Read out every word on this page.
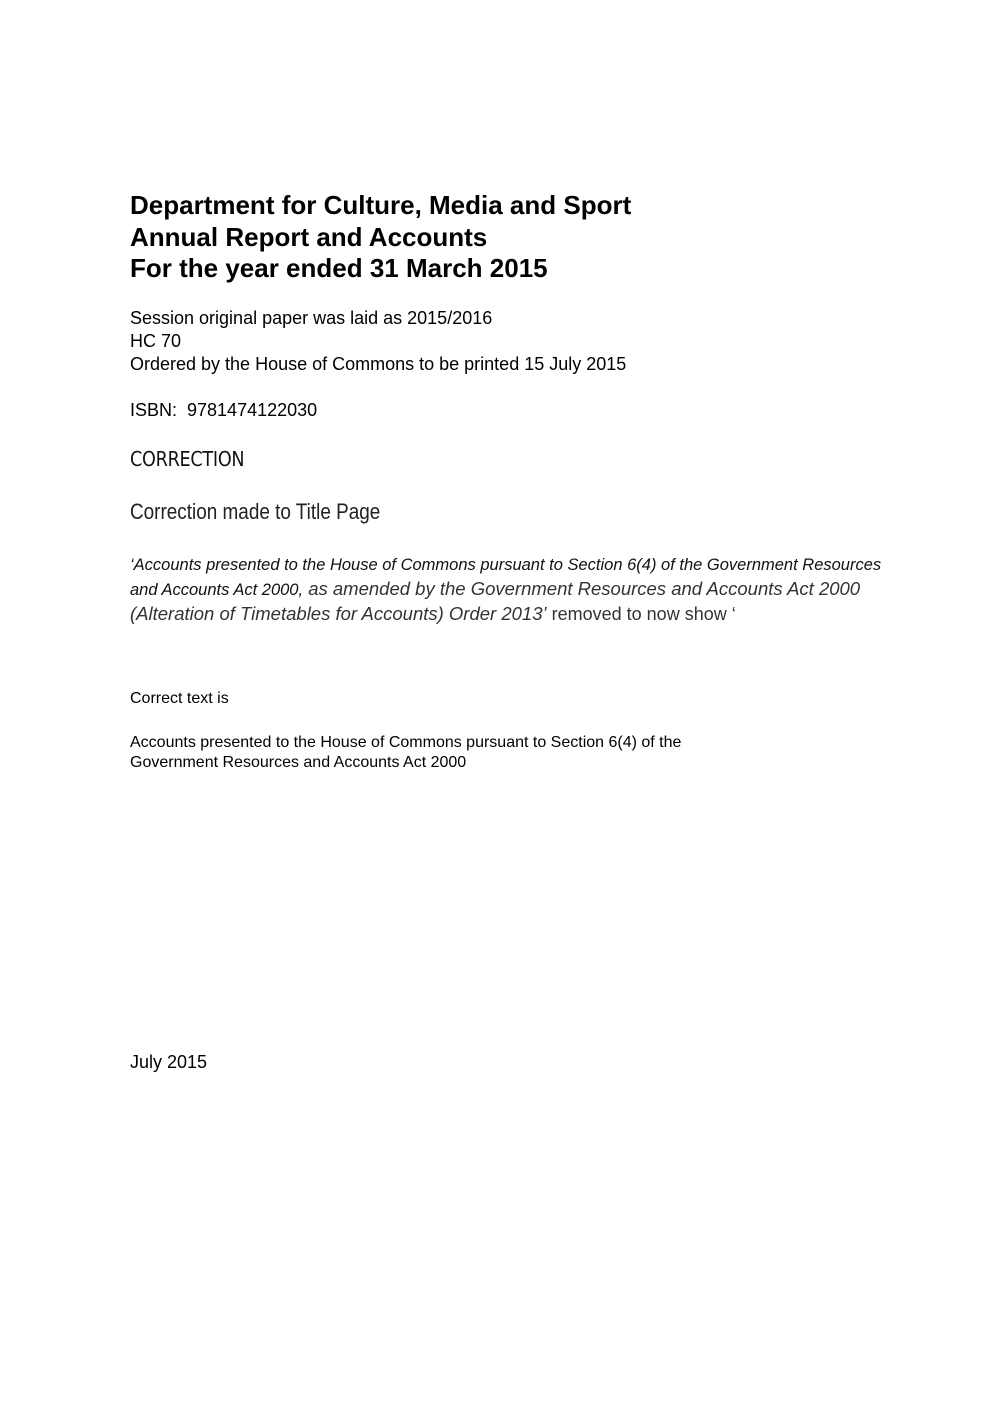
Department for Culture, Media and Sport

Annual Report and Accounts

For the year ended 31 March 2015

Session original paper was laid as 2015/2016

HC 70

Ordered by the House of Commons to be printed 15 July 2015

ISBN:  9781474122030
CORRECTION
Correction made to Title Page

‘Accounts presented to the House of Commons pursuant to Section 6(4) of the Government Resources and Accounts Act 2000, as amended by the Government Resources and Accounts Act 2000 (Alteration of Timetables for Accounts) Order 2013’ removed to now show ‘

Correct text is

Accounts presented to the House of Commons pursuant to Section 6(4) of the
Government Resources and Accounts Act 2000

July 2015
